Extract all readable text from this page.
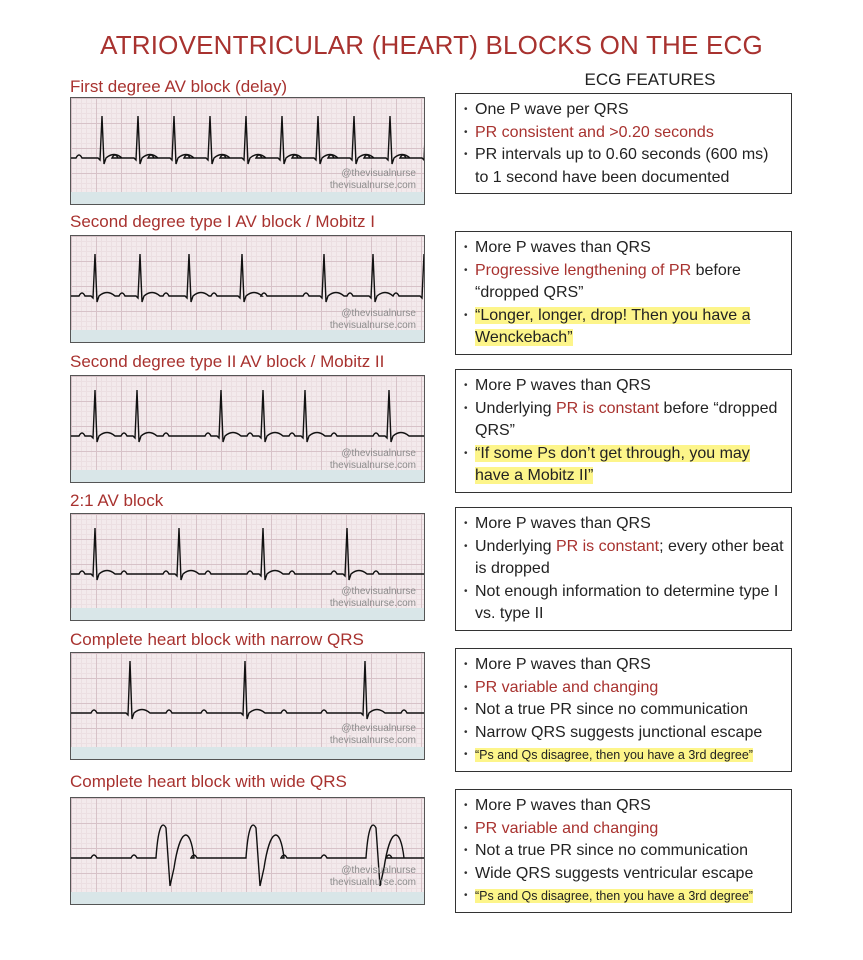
ATRIOVENTRICULAR (HEART) BLOCKS ON THE ECG
ECG FEATURES
First degree AV block (delay)
@thevisualnurse
thevisualnurse.com
• One P wave per QRS
• PR consistent and >0.20 seconds
• PR intervals up to 0.60 seconds (600 ms) to 1 second have been documented
Second degree type I AV block / Mobitz I
@thevisualnurse
thevisualnurse.com
• More P waves than QRS
• Progressive lengthening of PR before “dropped QRS”
• “Longer, longer, drop! Then you have a Wenckebach”
Second degree type II AV block / Mobitz II
@thevisualnurse
thevisualnurse.com
• More P waves than QRS
• Underlying PR is constant before “dropped QRS”
• “If some Ps don’t get through, you may have a Mobitz II”
2:1 AV block
@thevisualnurse
thevisualnurse.com
• More P waves than QRS
• Underlying PR is constant; every other beat is dropped
• Not enough information to determine type I vs. type II
Complete heart block with narrow QRS
@thevisualnurse
thevisualnurse.com
• More P waves than QRS
• PR variable and changing
• Not a true PR since no communication
• Narrow QRS suggests junctional escape
• “Ps and Qs disagree, then you have a 3rd degree”
Complete heart block with wide QRS
@thevisualnurse
thevisualnurse.com
• More P waves than QRS
• PR variable and changing
• Not a true PR since no communication
• Wide QRS suggests ventricular escape
• “Ps and Qs disagree, then you have a 3rd degree”
